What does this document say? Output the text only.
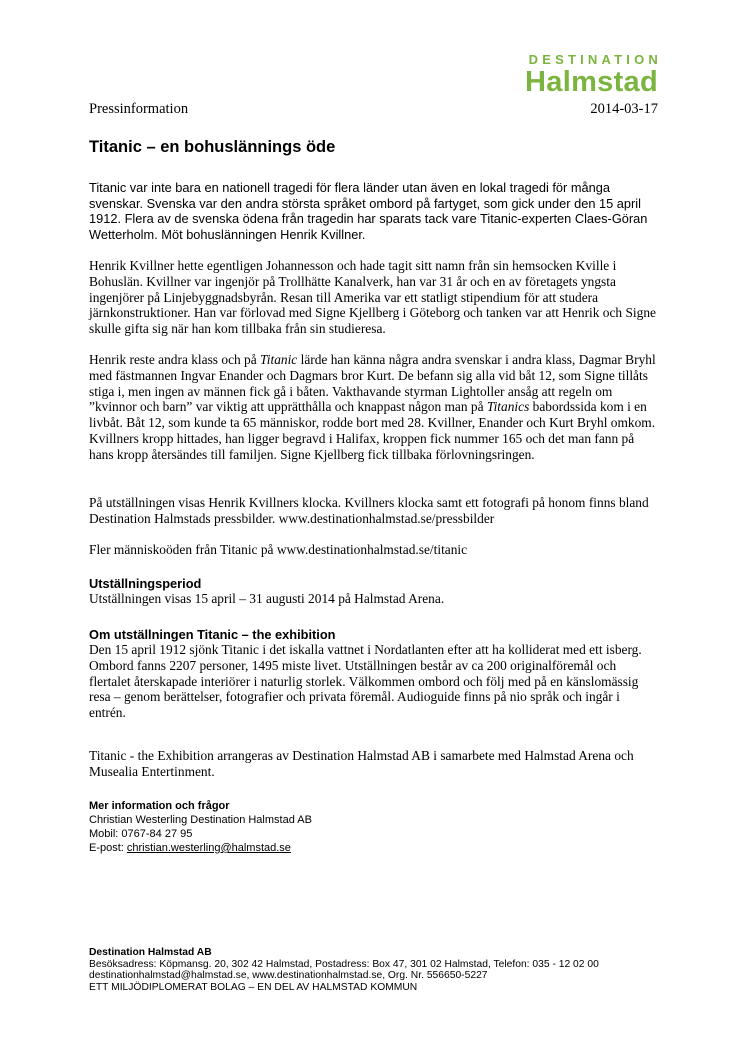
DESTINATION
Halmstad
Pressinformation	2014-03-17
Titanic – en bohuslännings öde

Titanic var inte bara en nationell tragedi för flera länder utan även en lokal tragedi för många svenskar. Svenska var den andra största språket ombord på fartyget, som gick under den 15 april 1912. Flera av de svenska ödena från tragedin har sparats tack vare Titanic-experten Claes-Göran Wetterholm. Möt bohuslänningen Henrik Kvillner.

Henrik Kvillner hette egentligen Johannesson och hade tagit sitt namn från sin hemsocken Kville i Bohuslän. Kvillner var ingenjör på Trollhätte Kanalverk, han var 31 år och en av företagets yngsta ingenjörer på Linjebyggnadsbyrån. Resan till Amerika var ett statligt stipendium för att studera järnkonstruktioner. Han var förlovad med Signe Kjellberg i Göteborg och tanken var att Henrik och Signe skulle gifta sig när han kom tillbaka från sin studieresa.

Henrik reste andra klass och på Titanic lärde han känna några andra svenskar i andra klass, Dagmar Bryhl med fästmannen Ingvar Enander och Dagmars bror Kurt. De befann sig alla vid båt 12, som Signe tillåts stiga i, men ingen av männen fick gå i båten. Vakthavande styrman Lightoller ansåg att regeln om ”kvinnor och barn” var viktig att upprätthålla och knappast någon man på Titanics babordssida kom i en livbåt. Båt 12, som kunde ta 65 människor, rodde bort med 28. Kvillner, Enander och Kurt Bryhl omkom. Kvillners kropp hittades, han ligger begravd i Halifax, kroppen fick nummer 165 och det man fann på hans kropp återsändes till familjen. Signe Kjellberg fick tillbaka förlovningsringen.

På utställningen visas Henrik Kvillners klocka. Kvillners klocka samt ett fotografi på honom finns bland Destination Halmstads pressbilder. www.destinationhalmstad.se/pressbilder

Fler människoöden från Titanic på www.destinationhalmstad.se/titanic

Utställningsperiod

Utställningen visas 15 april – 31 augusti 2014 på Halmstad Arena.

Om utställningen Titanic – the exhibition

Den 15 april 1912 sjönk Titanic i det iskalla vattnet i Nordatlanten efter att ha kolliderat med ett isberg. Ombord fanns 2207 personer, 1495 miste livet. Utställningen består av ca 200 originalföremål och flertalet återskapade interiörer i naturlig storlek. Välkommen ombord och följ med på en känslomässig resa – genom berättelser, fotografier och privata föremål. Audioguide finns på nio språk och ingår i entrén.

Titanic - the Exhibition arrangeras av Destination Halmstad AB i samarbete med Halmstad Arena och Musealia Entertinment.

Mer information och frågor

Christian Westerling Destination Halmstad AB

Mobil: 0767-84 27 95

E-post: christian.westerling@halmstad.se

Destination Halmstad AB

Besöksadress: Köpmansg. 20, 302 42 Halmstad, Postadress: Box 47, 301 02 Halmstad, Telefon: 035 - 12 02 00

destinationhalmstad@halmstad.se, www.destinationhalmstad.se, Org. Nr. 556650-5227

ETT MILJÖDIPLOMERAT BOLAG – EN DEL AV HALMSTAD KOMMUN
